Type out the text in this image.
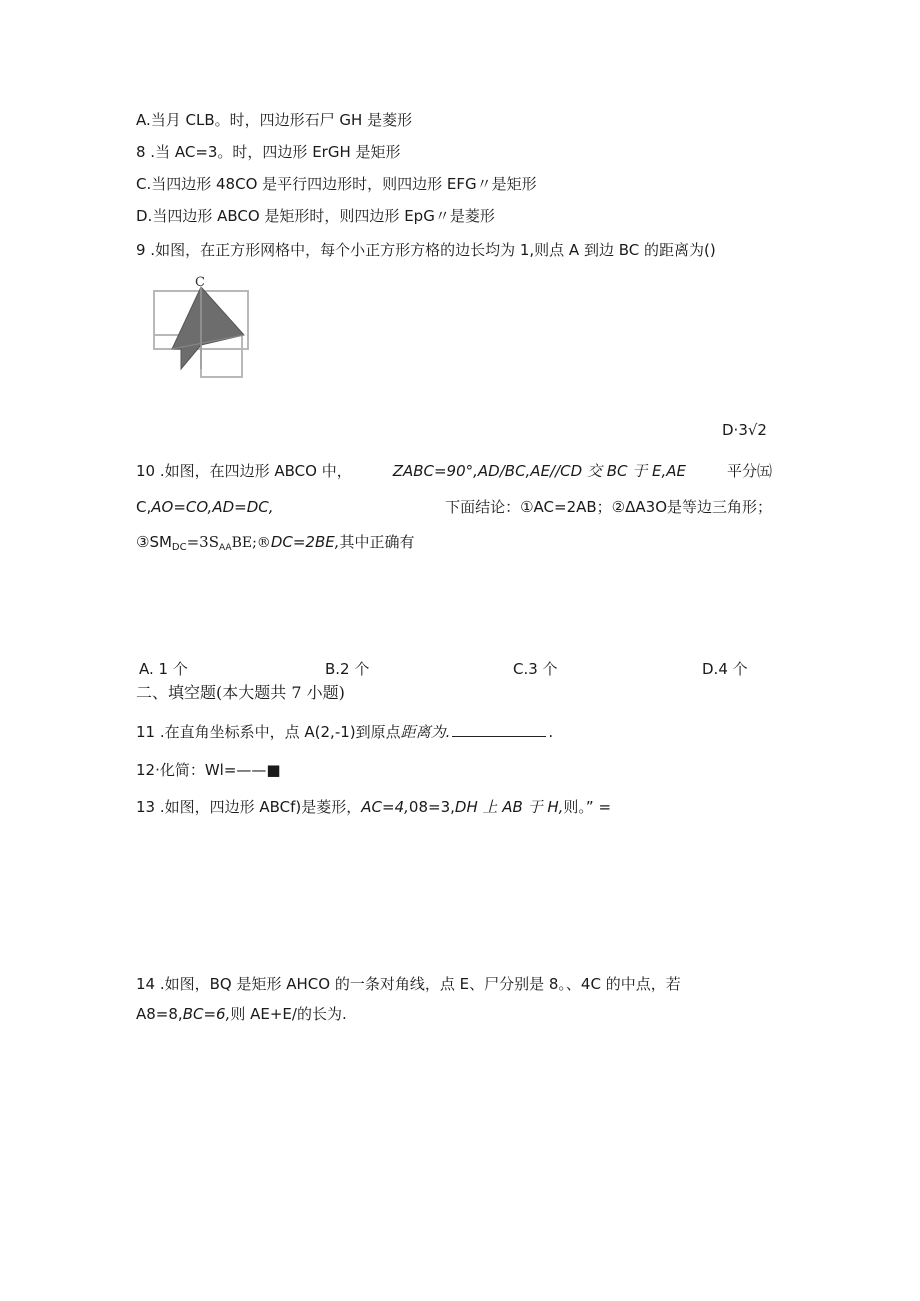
A.当月 CLB。时，四边形石尸 GH 是菱形
8 .当 AC=3。时，四边形 ErGH 是矩形
C.当四边形 48CO 是平行四边形时，则四边形 EFG〃是矩形
D.当四边形 ABCO 是矩形时，则四边形 EpG〃是菱形
9 .如图，在正方形网格中，每个小正方形方格的边长均为 1,则点 A 到边 BC 的距离为()
C
D·3√2
10 .如图，在四边形 ABCO 中，	ZABC=90°,AD/BC,AE//CD 交 BC 于 E,AE	平分㈤
C,AO=CO,AD=DC,	下面结论：①AC=2AB；②ΔA3O是等边三角形；
$③SM_{DC}=3S_{AA}BE;®DC=2BE$,其中正确有
A. 1 个	B.2 个	C.3 个	D.4 个
二、填空题(本大题共 7 小题)
11 .在直角坐标系中，点 A(2,-1)到原点距离为.	.
12·化简：Wl=——■
13 .如图，四边形 ABCf)是菱形，AC=4,08=3,DH 上 AB 于 H,则。” =
14 .如图，BQ 是矩形 AHCO 的一条对角线，点 E、尸分别是 8。、4C 的中点，若
A8=8,BC=6,则 AE+E/的长为.
